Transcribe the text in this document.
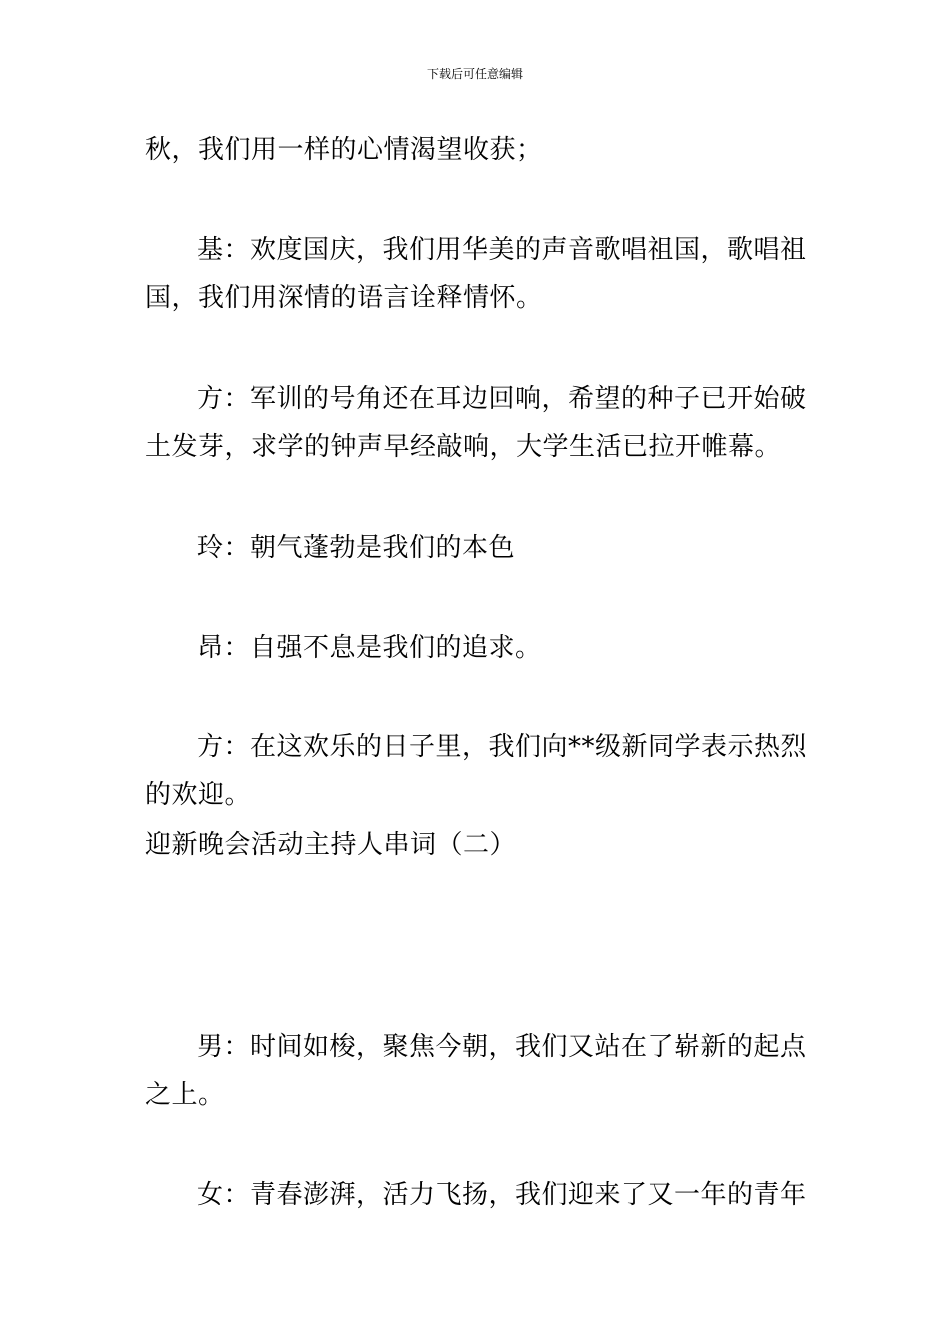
下载后可任意编辑

秋，我们用一样的心情渴望收获；

基：欢度国庆，我们用华美的声音歌唱祖国，歌唱祖国，我们用深情的语言诠释情怀。

方：军训的号角还在耳边回响，希望的种子已开始破土发芽，求学的钟声早经敲响，大学生活已拉开帷幕。

玲：朝气蓬勃是我们的本色

昂：自强不息是我们的追求。

方：在这欢乐的日子里，我们向**级新同学表示热烈的欢迎。

迎新晚会活动主持人串词（二）

男：时间如梭，聚焦今朝，我们又站在了崭新的起点之上。

女：青春澎湃，活力飞扬，我们迎来了又一年的青年
